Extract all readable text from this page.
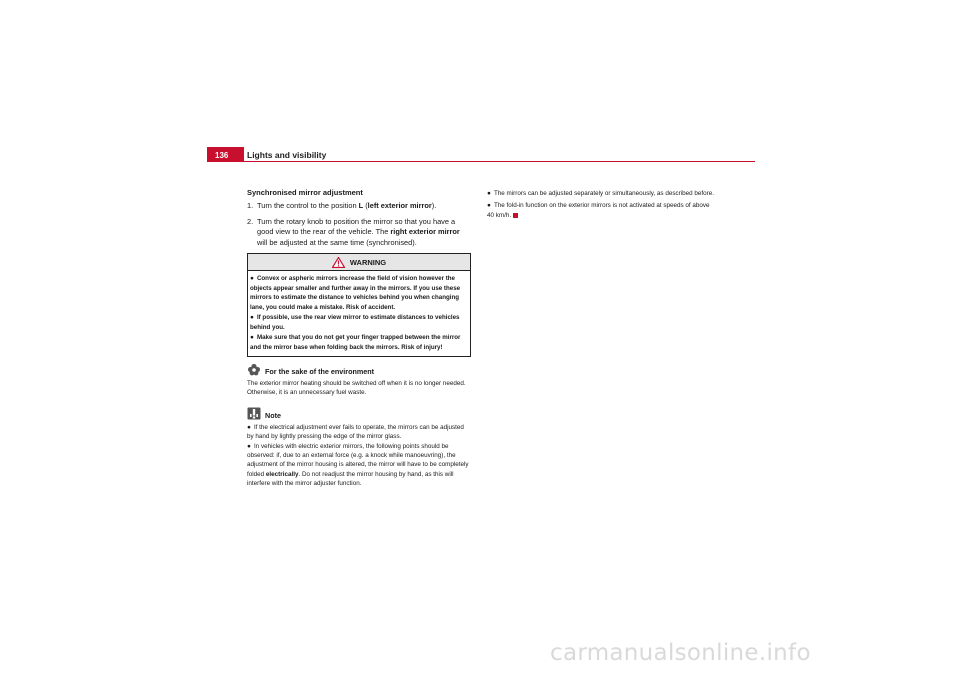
136	Lights and visibility
Synchronised mirror adjustment
1. Turn the control to the position L (left exterior mirror).
2. Turn the rotary knob to position the mirror so that you have a good view to the rear of the vehicle. The right exterior mirror will be adjusted at the same time (synchronised).
WARNING
● Convex or aspheric mirrors increase the field of vision however the objects appear smaller and further away in the mirrors. If you use these mirrors to estimate the distance to vehicles behind you when changing lane, you could make a mistake. Risk of accident.
● If possible, use the rear view mirror to estimate distances to vehicles behind you.
● Make sure that you do not get your finger trapped between the mirror and the mirror base when folding back the mirrors. Risk of injury!
For the sake of the environment
The exterior mirror heating should be switched off when it is no longer needed. Otherwise, it is an unnecessary fuel waste.
Note
● If the electrical adjustment ever fails to operate, the mirrors can be adjusted by hand by lightly pressing the edge of the mirror glass.
● In vehicles with electric exterior mirrors, the following points should be observed: if, due to an external force (e.g. a knock while manoeuvring), the adjustment of the mirror housing is altered, the mirror will have to be completely folded electrically. Do not readjust the mirror housing by hand, as this will interfere with the mirror adjuster function.
● The mirrors can be adjusted separately or simultaneously, as described before.
● The fold-in function on the exterior mirrors is not activated at speeds of above 40 km/h.
carmanualsonline.info
